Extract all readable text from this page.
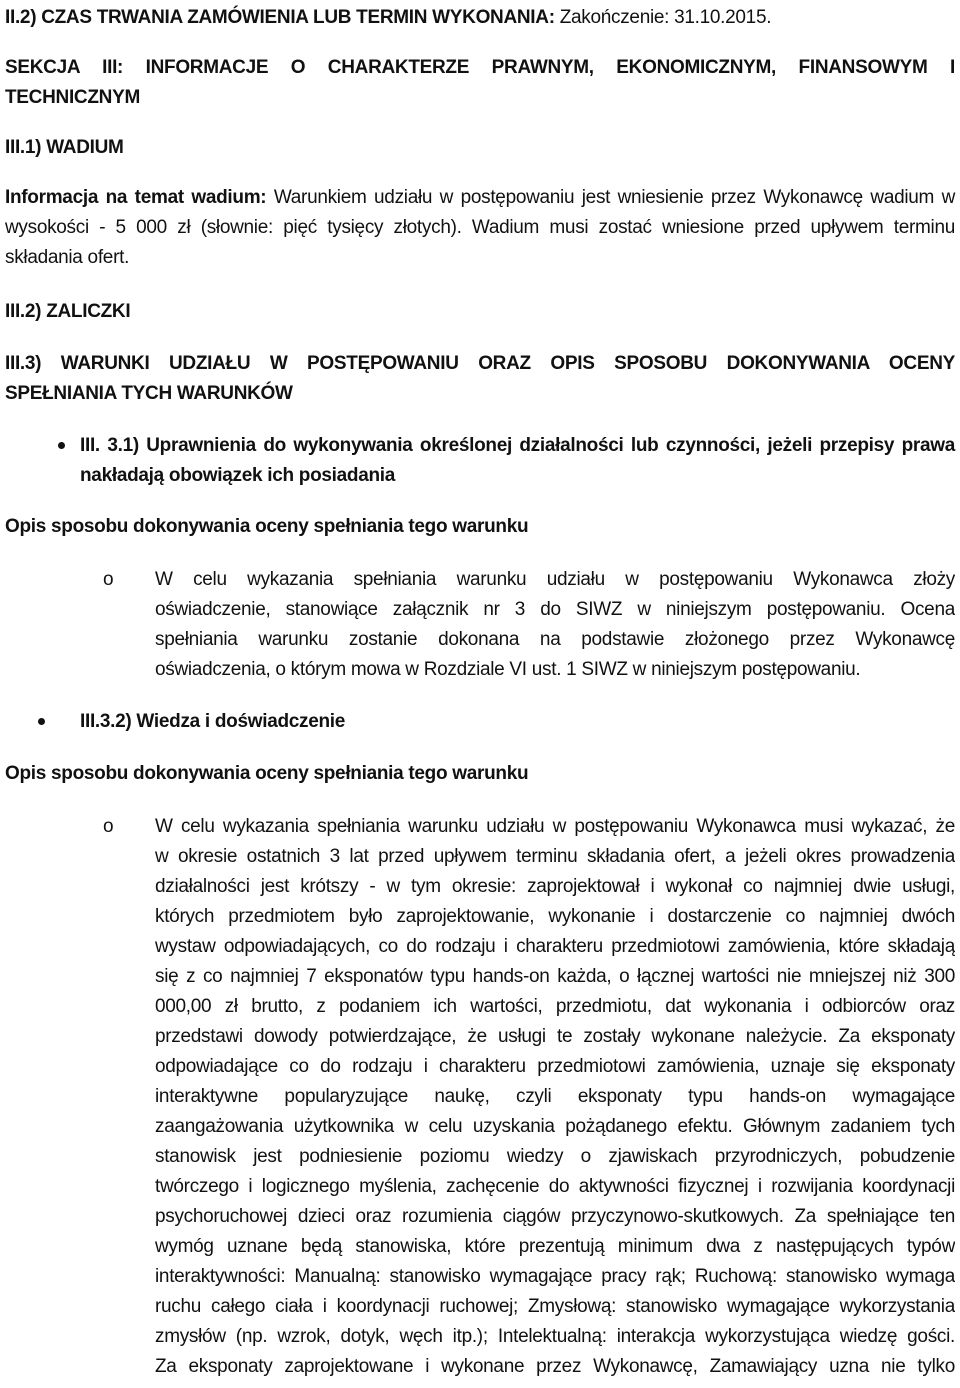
II.2) CZAS TRWANIA ZAMÓWIENIA LUB TERMIN WYKONANIA: Zakończenie: 31.10.2015.
SEKCJA III: INFORMACJE O CHARAKTERZE PRAWNYM, EKONOMICZNYM, FINANSOWYM I
TECHNICZNYM
III.1) WADIUM
Informacja na temat wadium: Warunkiem udziału w postępowaniu jest wniesienie przez Wykonawcę wadium w
wysokości - 5 000 zł (słownie: pięć tysięcy złotych). Wadium musi zostać wniesione przed upływem terminu
składania ofert.
III.2) ZALICZKI
III.3) WARUNKI UDZIAŁU W POSTĘPOWANIU ORAZ OPIS SPOSOBU DOKONYWANIA OCENY
SPEŁNIANIA TYCH WARUNKÓW
III. 3.1) Uprawnienia do wykonywania określonej działalności lub czynności, jeżeli przepisy prawa
nakładają obowiązek ich posiadania
Opis sposobu dokonywania oceny spełniania tego warunku
o W celu wykazania spełniania warunku udziału w postępowaniu Wykonawca złoży
oświadczenie, stanowiące załącznik nr 3 do SIWZ w niniejszym postępowaniu. Ocena
spełniania warunku zostanie dokonana na podstawie złożonego przez Wykonawcę
oświadczenia, o którym mowa w Rozdziale VI ust. 1 SIWZ w niniejszym postępowaniu.
III.3.2) Wiedza i doświadczenie
Opis sposobu dokonywania oceny spełniania tego warunku
o W celu wykazania spełniania warunku udziału w postępowaniu Wykonawca musi wykazać, że
w okresie ostatnich 3 lat przed upływem terminu składania ofert, a jeżeli okres prowadzenia
działalności jest krótszy - w tym okresie: zaprojektował i wykonał co najmniej dwie usługi,
których przedmiotem było zaprojektowanie, wykonanie i dostarczenie co najmniej dwóch
wystaw odpowiadających, co do rodzaju i charakteru przedmiotowi zamówienia, które składają
się z co najmniej 7 eksponatów typu hands-on każda, o łącznej wartości nie mniejszej niż 300
000,00 zł brutto, z podaniem ich wartości, przedmiotu, dat wykonania i odbiorców oraz
przedstawi dowody potwierdzające, że usługi te zostały wykonane należycie. Za eksponaty
odpowiadające co do rodzaju i charakteru przedmiotowi zamówienia, uznaje się eksponaty
interaktywne popularyzujące naukę, czyli eksponaty typu hands-on wymagające
zaangażowania użytkownika w celu uzyskania pożądanego efektu. Głównym zadaniem tych
stanowisk jest podniesienie poziomu wiedzy o zjawiskach przyrodniczych, pobudzenie
twórczego i logicznego myślenia, zachęcenie do aktywności fizycznej i rozwijania koordynacji
psychoruchowej dzieci oraz rozumienia ciągów przyczynowo-skutkowych. Za spełniające ten
wymóg uznane będą stanowiska, które prezentują minimum dwa z następujących typów
interaktywności: Manualną: stanowisko wymagające pracy rąk; Ruchową: stanowisko wymaga
ruchu całego ciała i koordynacji ruchowej; Zmysłową: stanowisko wymagające wykorzystania
zmysłów (np. wzrok, dotyk, węch itp.); Intelektualną: interakcja wykorzystująca wiedzę gości.
Za eksponaty zaprojektowane i wykonane przez Wykonawcę, Zamawiający uzna nie tylko
